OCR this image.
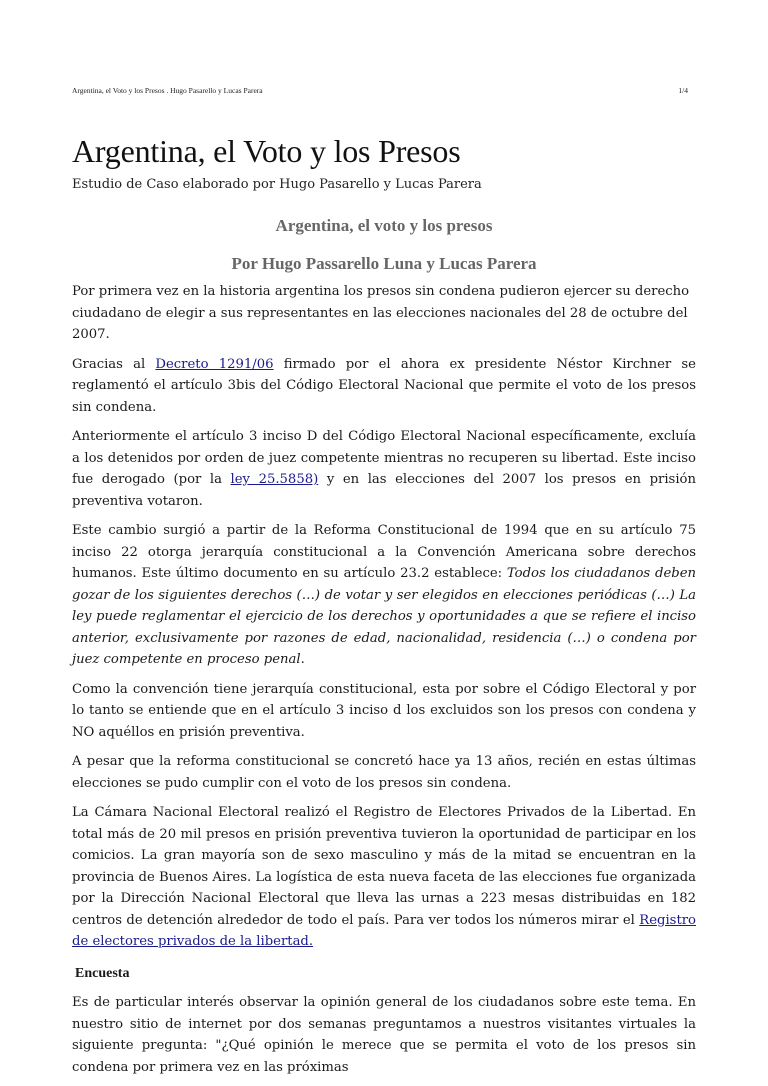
Argentina, el Voto y los Presos . Hugo Pasarello y Lucas Parera	1/4
Argentina, el Voto y los Presos
Estudio de Caso elaborado por Hugo Pasarello y Lucas Parera
Argentina, el voto y los presos
Por Hugo Passarello Luna y Lucas Parera

Por primera vez en la historia argentina los presos sin condena pudieron ejercer su derecho ciudadano de elegir a sus representantes en las elecciones nacionales del 28 de octubre del 2007.

Gracias al Decreto 1291/06 firmado por el ahora ex presidente Néstor Kirchner se reglamentó el artículo 3bis del Código Electoral Nacional que permite el voto de los presos sin condena.

Anteriormente el artículo 3 inciso D del Código Electoral Nacional específicamente, excluía a los detenidos por orden de juez competente mientras no recuperen su libertad. Este inciso fue derogado (por la ley 25.5858) y en las elecciones del 2007 los presos en prisión preventiva votaron.

Este cambio surgió a partir de la Reforma Constitucional de 1994 que en su artículo 75 inciso 22 otorga jerarquía constitucional a la Convención Americana sobre derechos humanos. Este último documento en su artículo 23.2 establece: Todos los ciudadanos deben gozar de los siguientes derechos (…) de votar y ser elegidos en elecciones periódicas (…) La ley puede reglamentar el ejercicio de los derechos y oportunidades a que se refiere el inciso anterior, exclusivamente por razones de edad, nacionalidad, residencia (…) o condena por juez competente en proceso penal.

Como la convención tiene jerarquía constitucional, esta por sobre el Código Electoral y por lo tanto se entiende que en el artículo 3 inciso d los excluidos son los presos con condena y NO aquéllos en prisión preventiva.

A pesar que la reforma constitucional se concretó hace ya 13 años, recién en estas últimas elecciones se pudo cumplir con el voto de los presos sin condena.

La Cámara Nacional Electoral realizó el Registro de Electores Privados de la Libertad. En total más de 20 mil presos en prisión preventiva tuvieron la oportunidad de participar en los comicios. La gran mayoría son de sexo masculino y más de la mitad se encuentran en la provincia de Buenos Aires. La logística de esta nueva faceta de las elecciones fue organizada por la Dirección Nacional Electoral que lleva las urnas a 223 mesas distribuidas en 182 centros de detención alrededor de todo el país. Para ver todos los números mirar el Registro de electores privados de la libertad.

Encuesta

Es de particular interés observar la opinión general de los ciudadanos sobre este tema. En nuestro sitio de internet por dos semanas preguntamos a nuestros visitantes virtuales la siguiente pregunta: "¿Qué opinión le merece que se permita el voto de los presos sin condena por primera vez en las próximas
